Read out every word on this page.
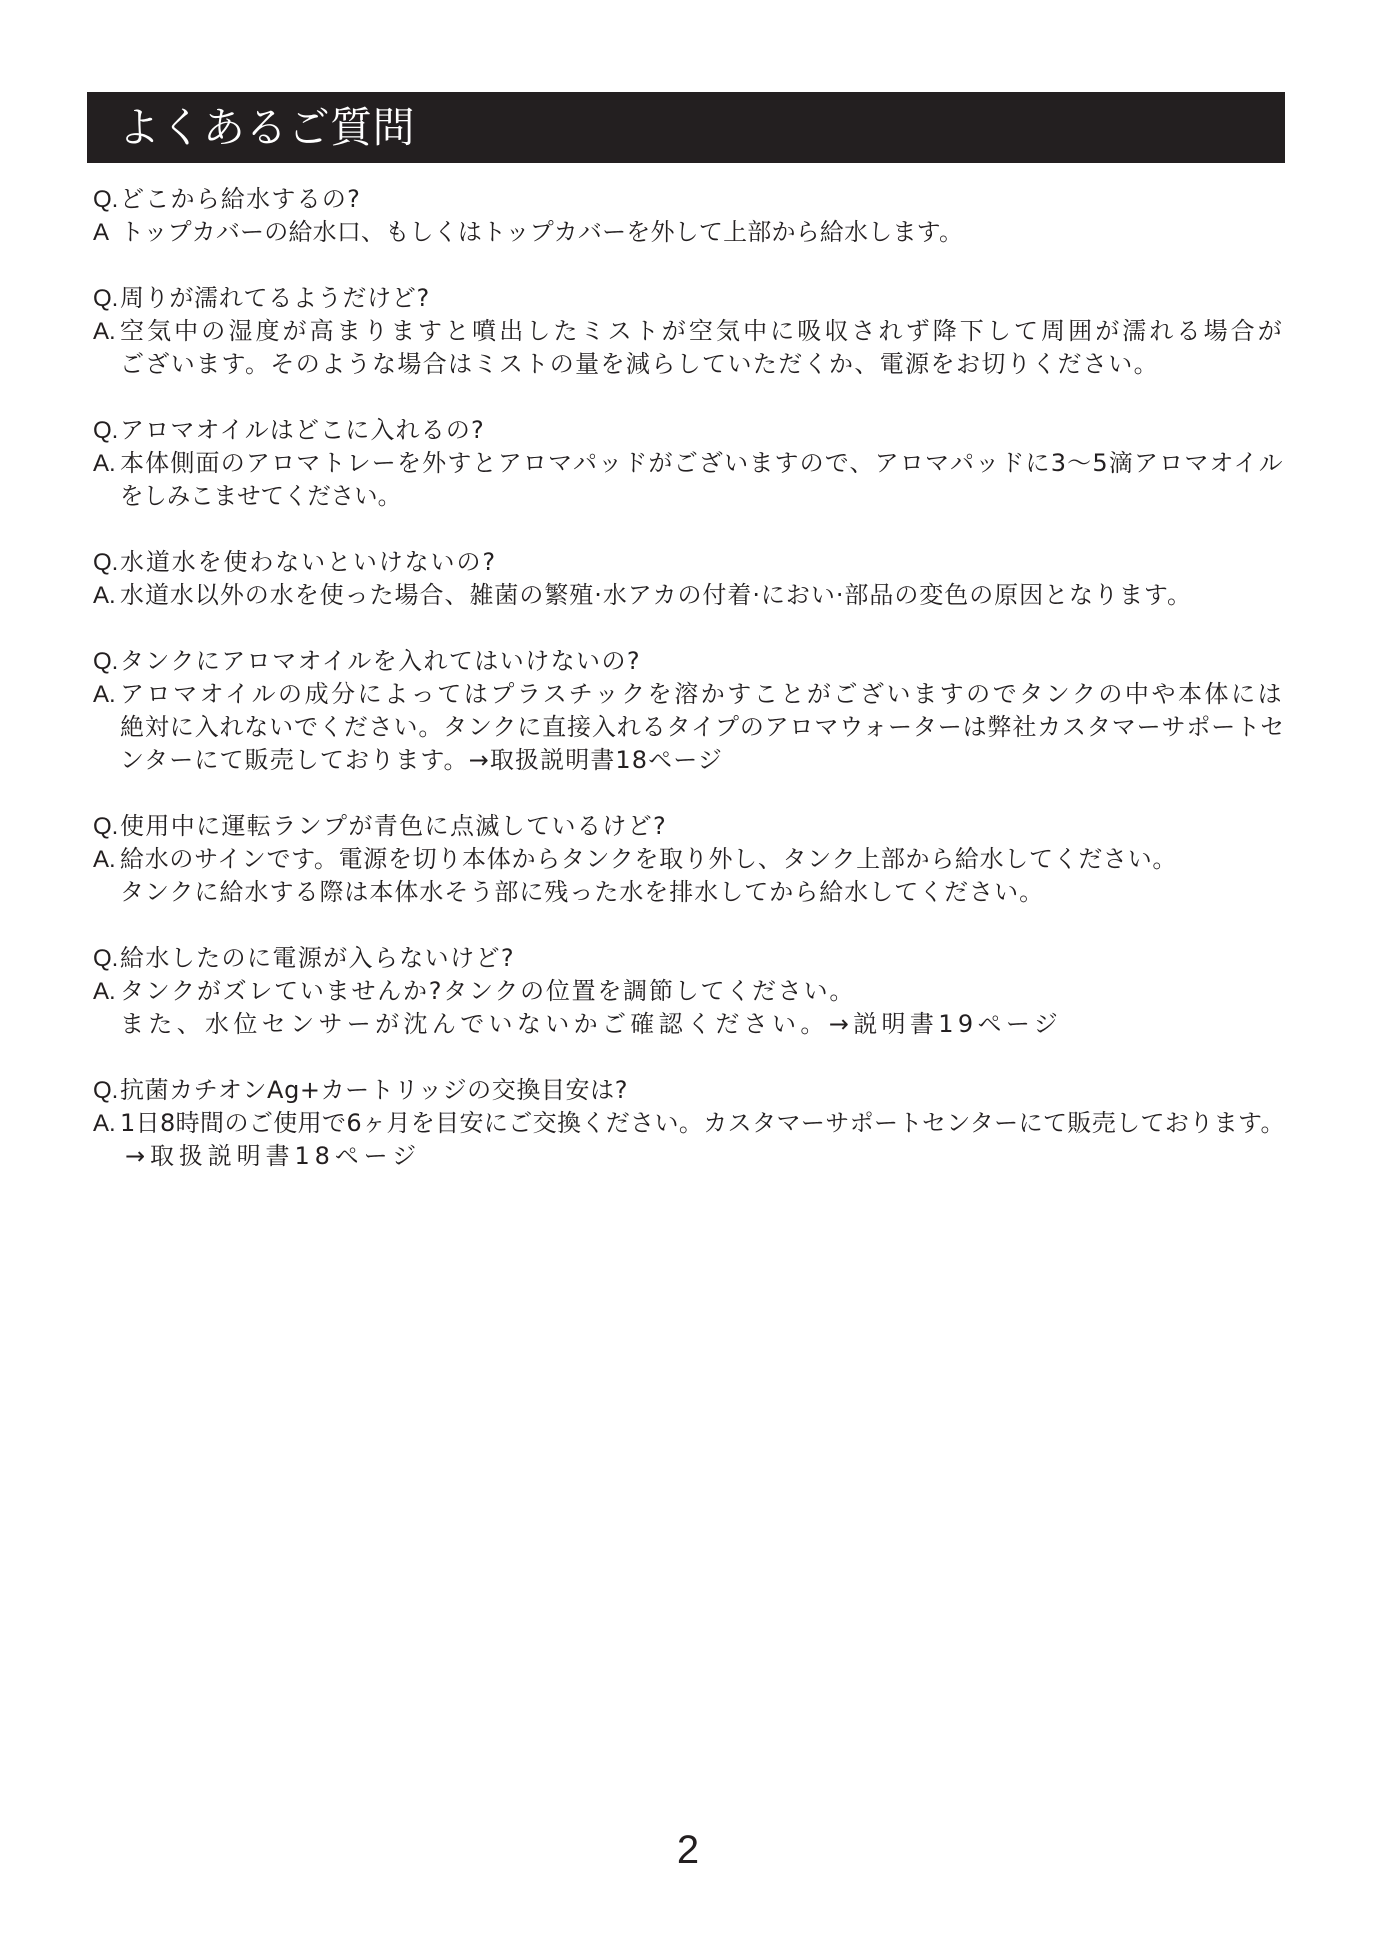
よくあるご質問
Q. どこから給水するの?
A トップカバーの給水口、もしくはトップカバーを外して上部から給水します。
Q. 周りが濡れてるようだけど?
A. 空気中の湿度が高まりますと噴出したミストが空気中に吸収されず降下して周囲が濡れる場合が
ございます。そのような場合はミストの量を減らしていただくか、電源をお切りください。
Q. アロマオイルはどこに入れるの?
A. 本体側面のアロマトレーを外すとアロマパッドがございますので、アロマパッドに3〜5滴アロマオイル
をしみこませてください。
Q. 水道水を使わないといけないの?
A. 水道水以外の水を使った場合、雑菌の繁殖·水アカの付着·におい·部品の変色の原因となります。
Q. タンクにアロマオイルを入れてはいけないの?
A. アロマオイルの成分によってはプラスチックを溶かすことがございますのでタンクの中や本体には
絶対に入れないでください。タンクに直接入れるタイプのアロマウォーターは弊社カスタマーサポートセ
ンターにて販売しております。→取扱説明書18ページ
Q. 使用中に運転ランプが青色に点滅しているけど?
A. 給水のサインです。電源を切り本体からタンクを取り外し、タンク上部から給水してください。
タンクに給水する際は本体水そう部に残った水を排水してから給水してください。
Q. 給水したのに電源が入らないけど?
A. タンクがズレていませんか?タンクの位置を調節してください。
また、水位センサーが沈んでいないかご確認ください。→説明書19ページ
Q. 抗菌カチオンAg+カートリッジの交換目安は?
A. 1日8時間のご使用で6ヶ月を目安にご交換ください。カスタマーサポートセンターにて販売しております。
→取扱説明書18ページ
2
